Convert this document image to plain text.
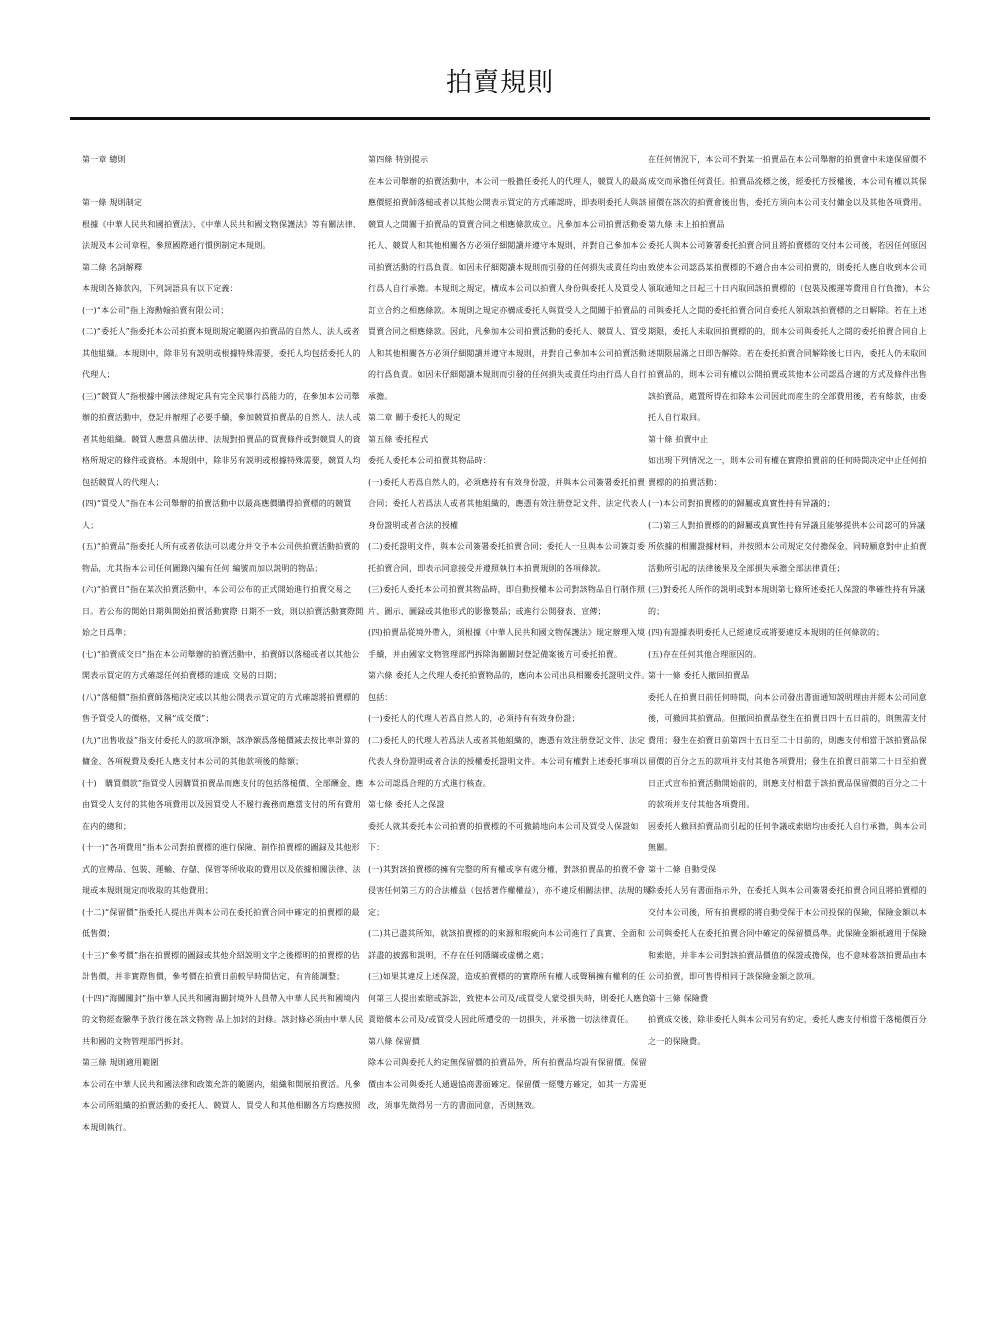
拍賣規則

第一章 總則

第一條 規則制定

根據《中華人民共和國拍賣法》、《中華人民共和國文物保護法》等有關法律、法規及本公司章程，參照國際通行慣例制定本規則。

第二條 名詞解釋

本規則各條款內，下列詞語具有以下定義：

(一)“本公司”指上海勳翰拍賣有限公司；

(二)“委托人”指委托本公司拍賣本規則規定範圍內拍賣品的自然人、法人或者其他組織。本規則中，除非另有説明或根據特殊需要，委托人均包括委托人的代理人；

(三)“競買人”指根據中國法律規定具有完全民事行爲能力的，在參加本公司舉辦的拍賣活動中，登記并辦理了必要手續，參加競買拍賣品的自然人、法人或者其他組織。競買人應當具備法律、法規對拍賣品的買賣條件或對競買人的資格所規定的條件或資格。本規則中，除非另有説明或根據特殊需要，競買人均包括競買人的代理人；

(四)“買受人”指在本公司舉辦的拍賣活動中以最高應價購得拍賣標的的競買人；

(五)“拍賣品”指委托人所有或者依法可以處分并交予本公司供拍賣活動拍賣的物品，尤其指本公司任何圖錄內編有任何 編號而加以説明的物品；

(六)“拍賣日”指在某次拍賣活動中，本公司公布的正式開始進行拍賣交易之日。若公布的開始日期與開始拍賣活動實際 日期不一致，則以拍賣活動實際開始之日爲準；

(七)“拍賣成交日”指在本公司舉辦的拍賣活動中，拍賣師以落槌或者以其他公開表示買定的方式確認任何拍賣標的達成 交易的日期；

(八)“落槌價”指拍賣師落槌決定或以其他公開表示買定的方式確認將拍賣標的售予買受人的價格，又稱“成交價”；

(九)“出售收益”指支付委托人的款項净額，該净額爲落槌價减去按比率計算的傭金、各項税費及委托人應支付本公司的其他款項後的餘額；

(十)　購買價款”指買受人因購買拍賣品而應支付的包括落槌價、全部酬金、應由買受人支付的其他各項費用以及因買受人不履行義務而應當支付的所有費用在内的總和；

(十一)“各項費用”指本公司對拍賣標的進行保險、制作拍賣標的圖録及其他形式的宣傳品、包裝、運輸、存儲、保管等所收取的費用以及依據相關法律、法規或本規則規定而收取的其他費用；

(十二)“保留價”指委托人提出并與本公司在委托拍賣合同中確定的拍賣標的最低售價；

(十三)“參考價”指在拍賣標的圖録或其他介紹説明文字之後標明的拍賣標的估計售價，并非實際售價，參考價在拍賣日前較早時間估定，有肯能調整；

(十四)“海關關封”指中華人民共和國海關封境外人員帶入中華人民共和國境内的文物經查驗準予放行後在該文物物 品上加封的封條。該封條必須由中華人民共和國的文物管理部門拆封。

第三條 規則適用範圍

本公司在中華人民共和國法律和政策允許的範圍内，組織和開展拍賣活。凡參本公司所組織的拍賣活動的委托人、競買人、買受人和其他相關各方均應按照本規則執行。

第四條 特别提示

在本公司舉辦的拍賣活動中，本公司一般擔任委托人的代理人，競買人的最高應價經拍賣師落槌或者以其他公開表示買定的方式確認時，即表明委托人與該競買人之間關于拍賣品的買賣合同之相應條款成立。凡參加本公司拍賣活動委托人、競買人和其他相關各方必須仔細閲讀并遵守本規則，并對自己參加本公司拍賣活動的行爲負責。如因未仔細閲讀本規則而引發的任何損失或責任均由行爲人自行承擔。本規則之規定，構成本公司以拍賣人身份與委托人及買受人訂立合約之相應條款。本規則之規定亦構成委托人與買受人之間關于拍賣品的買賣合同之相應條款。因此，凡參加本公司拍賣活動的委托人、競買人、買受人和其他相關各方必須仔細閲讀并遵守本規則，并對自己參加本公司拍賣活動的行爲負責。如因未仔細閲讀本規則而引發的任何損失或責任均由行爲人自行承擔。

第二章 關于委托人的規定

第五條 委托程式

委托人委托本公司拍賣其物品時：

(一)委托人若爲自然人的，必須應持有有效身份證，并與本公司簽署委托拍賣合同；委托人若爲法人或者其他組織的，應憑有效注册登記文件、法定代表人身份證明或者合法的授權

(二)委托證明文件，與本公司簽署委托拍賣合同；委托人一旦與本公司簽訂委托拍賣合同，即表示同意接受并遵照執行本拍賣規則的各項條款。

(三)委托人委托本公司拍賣其物品時，即自動授權本公司對該物品自行制作照片、圖示、圖録或其他形式的影像製品；或進行公開發表、宣傳；

(四)拍賣品從境外帶入，須根據《中華人民共和國文物保護法》規定辦理入境手續，并由國家文物管理部門拆除海關關封登記備案後方可委托拍賣。

第六條 委托人之代理人委托拍賣物品的，應向本公司出具相關委托證明文件。包括：

(一)委托人的代理人若爲自然人的，必須持有有效身份證；

(二)委托人的代理人若爲法人或者其他組織的，應憑有效注册登記文件、法定代表人身份證明或者合法的授權委托證明文件。本公司有權對上述委托事項以本公司認爲合理的方式進行核查。

第七條 委托人之保證

委托人就其委托本公司拍賣的拍賣標的不可撤銷地向本公司及買受人保證如下：

(一)其對該拍賣標的擁有完整的所有權或享有處分權，對該拍賣品的拍賣不會侵害任何第三方的合法權益（包括著作權權益），亦不違反相關法律、法規的規定；

(二)其已盡其所知，就該拍賣標的的來源和瑕疵向本公司進行了真實、全面和詳盡的披露和説明，不存在任何隱瞞或虚構之處；

(三)如果其違反上述保證，造成拍賣標的的實際所有權人或聲稱擁有權利的任何第三人提出索賠或訴訟，致使本公司及/或買受人蒙受損失時，則委托人應負責賠償本公司及/或買受人因此所遭受的一切損失，并承擔一切法律責任。

第八條 保留價

除本公司與委托人約定無保留價的拍賣品外，所有拍賣品均設有保留價。保留價由本公司與委托人通過協商書面確定。保留價一經雙方確定，如其一方需更改，須事先徵得另一方的書面同意，否則無效。

在任何情況下，本公司不對某一拍賣品在本公司舉辦的拍賣會中未達保留價不成交而承擔任何責任。拍賣品流標之後，經委托方授權後，本公司有權以其保留價在該次的拍賣會後出售，委托方須向本公司支付傭金以及其他各項費用。

第九條 未上拍拍賣品

委托人與本公司簽署委托拍賣合同且將拍賣標的交付本公司後，若因任何原因致使本公司認爲某拍賣標的不適合由本公司拍賣的，則委托人應自收到本公司領取通知之日起三十日内取回該拍賣標的（包裝及搬運等費用自行負擔)，本公司與委托人之間的委托拍賣合同自委托人領取該拍賣標的之日解除。若在上述期限，委托人未取回拍賣標的的，則本公司與委托人之間的委托拍賣合同自上述期限届滿之日即告解除。若在委托拍賣合同解除後七日内，委托人仍未取回拍賣品的，則本公司有權以公開拍賣或其他本公司認爲合適的方式及條件出售該拍賣品，處置所得在扣除本公司因此而産生的全部費用後，若有餘款，由委托人自行取回。

第十條 拍賣中止

如出現下列情况之一，則本公司有權在實際拍賣前的任何時間决定中止任何拍賣標的的拍賣活動：

(一)本公司對拍賣標的的歸屬或真實性持有异議的；

(二)第三人對拍賣標的的歸屬或真實性持有异議且能够提供本公司認可的异議所依據的相關證據材料，并按照本公司規定交付擔保金，同時願意對中止拍賣活動所引起的法律後果及全部損失承擔全部法律責任；

(三)對委托人所作的説明或對本規則第七條所述委托人保證的準確性持有异議的；

(四)有證據表明委托人已經違反或將要違反本規則的任何條款的；

(五)存在任何其他合理原因的。

第十一條 委托人撤回拍賣品

委托人在拍賣日前任何時間，向本公司發出書面通知説明理由并經本公司同意後，可撤回其拍賣品。但撤回拍賣品登生在拍賣日四十五日前的，則無需支付費用；發生在拍賣日前第四十五日至二十日前的，則應支付相當于該拍賣品保留價的百分之五的款項并支付其他各項費用；發生在拍賣日前第二十日至拍賣日正式宣布拍賣活動開始前的，則應支付相當于該拍賣品保留價的百分之二十的款項并支付其他各項費用。

因委托人撤回拍賣品而引起的任何争議或索賠均由委托人自行承擔，與本公司無關。

第十二條 自動受保

除委托人另有書面指示外，在委托人與本公司簽署委托拍賣合同且將拍賣標的交付本公司後，所有拍賣標的將自動受保于本公司投保的保險，保險金額以本公司與委托人在委托拍賣合同中確定的保留價爲準。此保險金額祇適用于保險和索賠，并非本公司對該拍賣品價值的保證或擔保，也不意味着該拍賣品由本公司拍賣，即可售得相同于該保險金額之款項。

第十三條 保險費

拍賣成交後，除非委托人與本公司另有約定，委托人應支付相當于落槌價百分之一的保險費。
